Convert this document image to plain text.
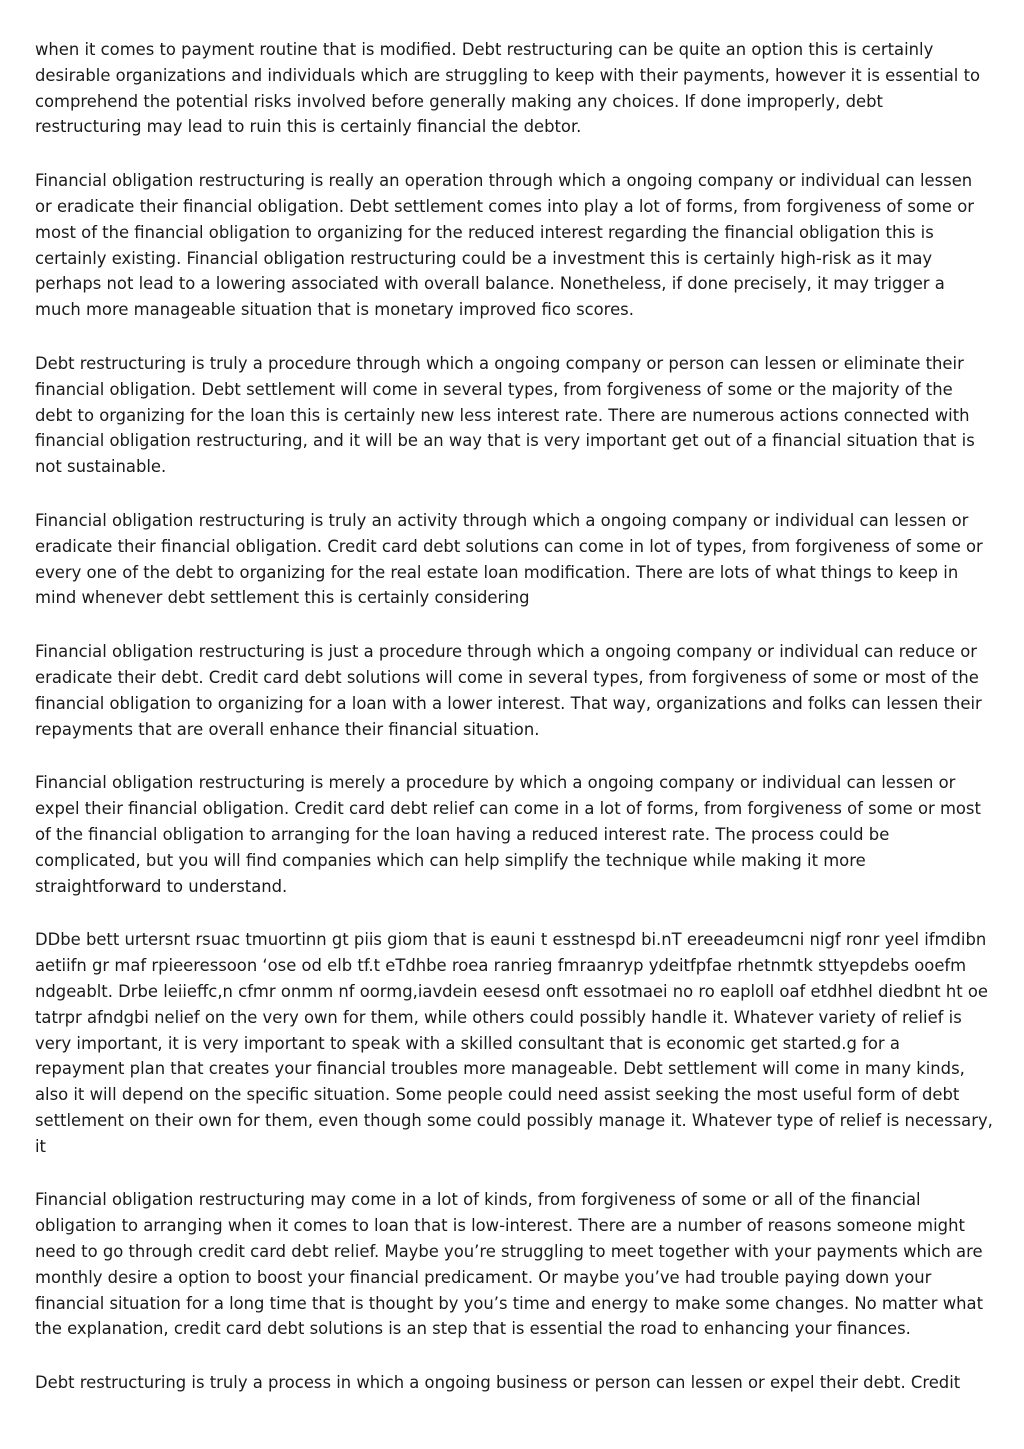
when it comes to payment routine that is modified. Debt restructuring can be quite an option this is certainly desirable organizations and individuals which are struggling to keep with their payments, however it is essential to comprehend the potential risks involved before generally making any choices. If done improperly, debt restructuring may lead to ruin this is certainly financial the debtor.

Financial obligation restructuring is really an operation through which a ongoing company or individual can lessen or eradicate their financial obligation. Debt settlement comes into play a lot of forms, from forgiveness of some or most of the financial obligation to organizing for the reduced interest regarding the financial obligation this is certainly existing. Financial obligation restructuring could be a investment this is certainly high-risk as it may perhaps not lead to a lowering associated with overall balance. Nonetheless, if done precisely, it may trigger a much more manageable situation that is monetary improved fico scores.

Debt restructuring is truly a procedure through which a ongoing company or person can lessen or eliminate their financial obligation. Debt settlement will come in several types, from forgiveness of some or the majority of the debt to organizing for the loan this is certainly new less interest rate. There are numerous actions connected with financial obligation restructuring, and it will be an way that is very important get out of a financial situation that is not sustainable.

Financial obligation restructuring is truly an activity through which a ongoing company or individual can lessen or eradicate their financial obligation. Credit card debt solutions can come in lot of types, from forgiveness of some or every one of the debt to organizing for the real estate loan modification. There are lots of what things to keep in mind whenever debt settlement this is certainly considering

Financial obligation restructuring is just a procedure through which a ongoing company or individual can reduce or eradicate their debt. Credit card debt solutions will come in several types, from forgiveness of some or most of the financial obligation to organizing for a loan with a lower interest. That way, organizations and folks can lessen their repayments that are overall enhance their financial situation.

Financial obligation restructuring is merely a procedure by which a ongoing company or individual can lessen or expel their financial obligation. Credit card debt relief can come in a lot of forms, from forgiveness of some or most of the financial obligation to arranging for the loan having a reduced interest rate. The process could be complicated, but you will find companies which can help simplify the technique while making it more straightforward to understand.

DDbe bett urtersnt rsuac tmuortinn gt piis giom that is eauni t esstnespd bi.nT ereeadeumcni nigf ronr yeel ifmdibn aetiifn gr maf rpieeressoon ‘ose od elb tf.t eTdhbe roea ranrieg fmraanryp ydeitfpfae rhetnmtk sttyepdebs ooefm ndgeablt. Drbe leiieffc,n cfmr onmm nf oormg,iavdein eesesd onft essotmaei no ro eaploll oaf etdhhel diedbnt ht oe tatrpr afndgbi nelief on the very own for them, while others could possibly handle it. Whatever variety of relief is very important, it is very important to speak with a skilled consultant that is economic get started.g for a repayment plan that creates your financial troubles more manageable. Debt settlement will come in many kinds, also it will depend on the specific situation. Some people could need assist seeking the most useful form of debt settlement on their own for them, even though some could possibly manage it. Whatever type of relief is necessary, it

Financial obligation restructuring may come in a lot of kinds, from forgiveness of some or all of the financial obligation to arranging when it comes to loan that is low-interest. There are a number of reasons someone might need to go through credit card debt relief. Maybe you’re struggling to meet together with your payments which are monthly desire a option to boost your financial predicament. Or maybe you’ve had trouble paying down your financial situation for a long time that is thought by you’s time and energy to make some changes. No matter what the explanation, credit card debt solutions is an step that is essential the road to enhancing your finances.

Debt restructuring is truly a process in which a ongoing business or person can lessen or expel their debt. Credit
